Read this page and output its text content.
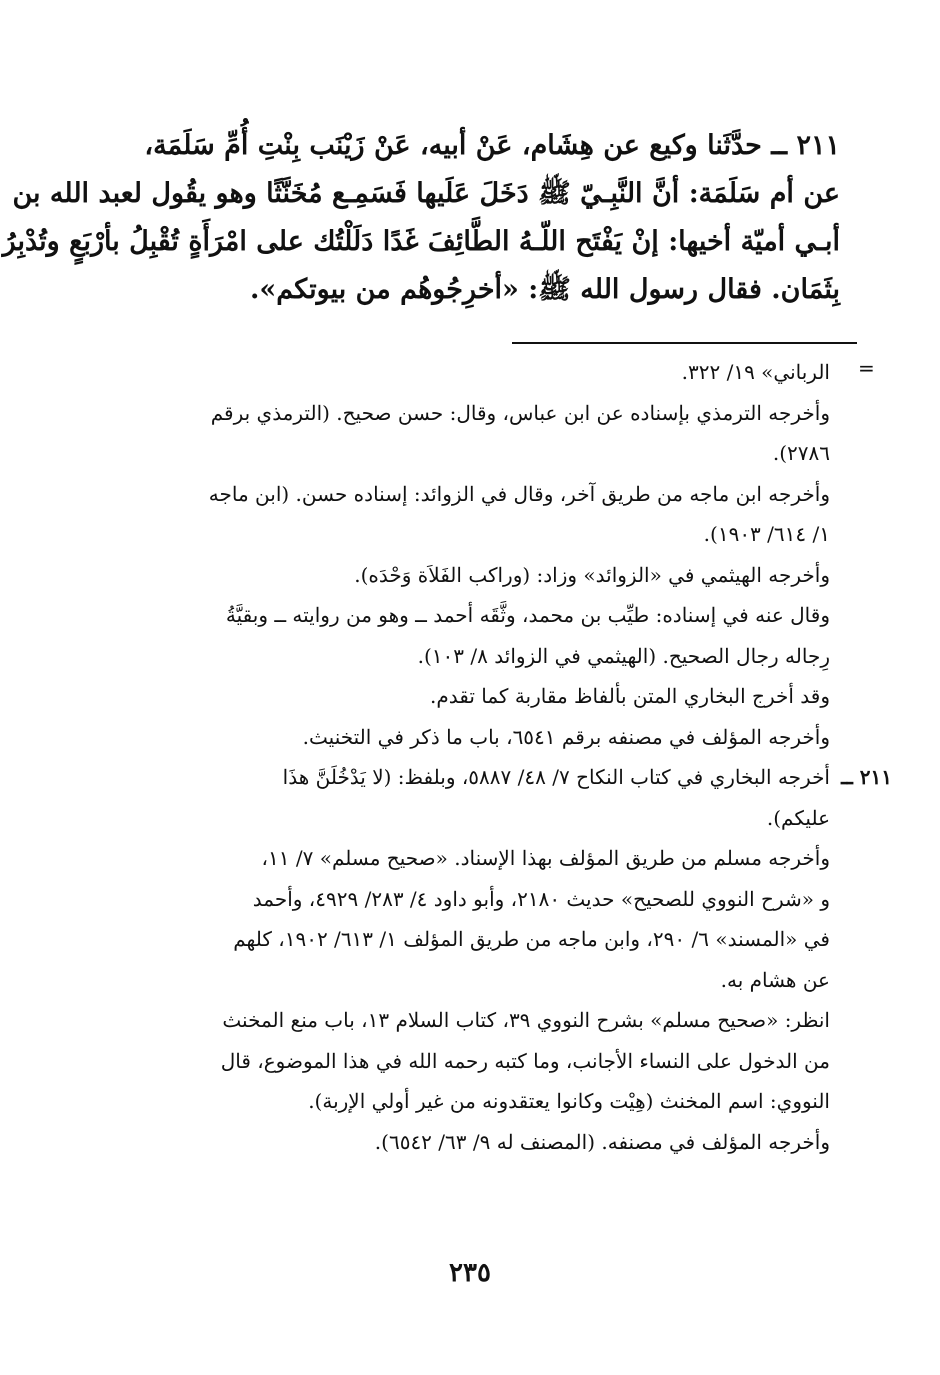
٢١١ ــ حدَّثَنا وكيع عن هِشَام، عَنْ أبيه، عَنْ زَيْنَب بِنْتِ أُمِّ سَلَمَة،
عن أم سَلَمَة: أنَّ النَّبِـيّ ﷺ دَخَلَ عَلَيها فَسَمِـع مُخَنَّثًا وهو يقُول لعبد الله بن
أبـي أميّة أخيها: إنْ يَفْتَح اللّـهُ الطَّائِفَ غَدًا دَلَلْتُك على امْرَأَةٍ تُقْبِلُ بأرْبَعٍ وتُدْبِرُ
بِثَمَان. فقال رسول الله ﷺ: «أخرِجُوهُم من بيوتكم».
=
الرباني» ١٩/ ٣٢٢.
وأخرجه الترمذي بإسناده عن ابن عباس، وقال: حسن صحيح. (الترمذي برقم
٢٧٨٦).
وأخرجه ابن ماجه من طريق آخر، وقال في الزوائد: إسناده حسن. (ابن ماجه
١/ ٦١٤/ ١٩٠٣).
وأخرجه الهيثمي في «الزوائد» وزاد: (وراكب الفَلاَة وَحْدَه).
وقال عنه في إسناده: طيِّب بن محمد، وثَّقَه أحمد ــ وهو من روايته ــ وبقيَّةُ
رِجاله رجال الصحيح. (الهيثمي في الزوائد ٨/ ١٠٣).
وقد أخرج البخاري المتن بألفاظ مقاربة كما تقدم.
وأخرجه المؤلف في مصنفه برقم ٦٥٤١، باب ما ذكر في التخنيث.
٢١١ ــ
أخرجه البخاري في كتاب النكاح ٧/ ٤٨/ ٥٨٨٧، وبلفظ: (لا يَدْخُلَنَّ هذَا
عليكم).
وأخرجه مسلم من طريق المؤلف بهذا الإسناد. «صحيح مسلم» ٧/ ١١،
و «شرح النووي للصحيح» حديث ٢١٨٠، وأبو داود ٤/ ٢٨٣/ ٤٩٢٩، وأحمد
في «المسند» ٦/ ٢٩٠، وابن ماجه من طريق المؤلف ١/ ٦١٣/ ١٩٠٢، كلهم
عن هشام به.
انظر: «صحيح مسلم» بشرح النووي ٣٩، كتاب السلام ١٣، باب منع المخنث
من الدخول على النساء الأجانب، وما كتبه رحمه الله في هذا الموضوع، قال
النووي: اسم المخنث (هِيْت وكانوا يعتقدونه من غير أولي الإربة).
وأخرجه المؤلف في مصنفه. (المصنف له ٩/ ٦٣/ ٦٥٤٢).
٢٣٥
